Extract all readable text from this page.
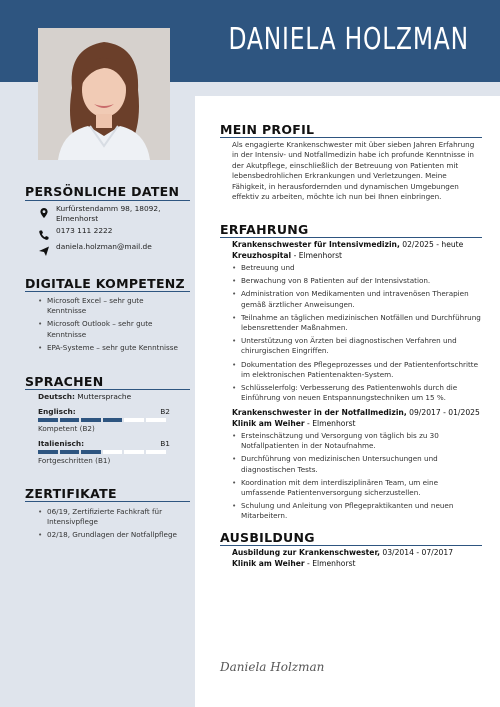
DANIELA HOLZMAN
PERSÖNLICHE DATEN
Kurfürstendamm 98, 18092,
Elmenhorst
0173 111 2222
daniela.holzman@mail.de
DIGITALE KOMPETENZ
• Microsoft Excel – sehr gute Kenntnisse
• Microsoft Outlook – sehr gute Kenntnisse
• EPA-Systeme – sehr gute Kenntnisse
SPRACHEN
Deutsch: Muttersprache
Englisch:	B2
Kompetent (B2)
Italienisch:	B1
Fortgeschritten (B1)
ZERTIFIKATE
• 06/19, Zertifizierte Fachkraft für Intensivpflege
• 02/18, Grundlagen der Notfallpflege
MEIN PROFIL
Als engagierte Krankenschwester mit über sieben Jahren Erfahrung in der Intensiv- und Notfallmedizin habe ich profunde Kenntnisse in der Akutpflege, einschließlich der Betreuung von Patienten mit lebensbedrohlichen Erkrankungen und Verletzungen. Meine Fähigkeit, in herausfordernden und dynamischen Umgebungen effektiv zu arbeiten, möchte ich nun bei Ihnen einbringen.
ERFAHRUNG
Krankenschwester für Intensivmedizin, 02/2025 - heute
Kreuzhospital - Elmenhorst
• Betreuung und
• Berwachung von 8 Patienten auf der Intensivstation.
• Administration von Medikamenten und intravenösen Therapien gemäß ärztlicher Anweisungen.
• Teilnahme an täglichen medizinischen Notfällen und Durchführung lebensrettender Maßnahmen.
• Unterstützung von Ärzten bei diagnostischen Verfahren und chirurgischen Eingriffen.
• Dokumentation des Pflegeprozesses und der Patientenfortschritte im elektronischen Patientenakten-System.
• Schlüsselerfolg: Verbesserung des Patientenwohls durch die Einführung von neuen Entspannungstechniken um 15 %.
Krankenschwester in der Notfallmedizin, 09/2017 - 01/2025
Klinik am Weiher - Elmenhorst
• Ersteinschätzung und Versorgung von täglich bis zu 30 Notfallpatienten in der Notaufnahme.
• Durchführung von medizinischen Untersuchungen und diagnostischen Tests.
• Koordination mit dem interdisziplinären Team, um eine umfassende Patientenversorgung sicherzustellen.
• Schulung und Anleitung von Pflegepraktikanten und neuen Mitarbeitern.
AUSBILDUNG
Ausbildung zur Krankenschwester, 03/2014 - 07/2017
Klinik am Weiher - Elmenhorst
Daniela Holzman
